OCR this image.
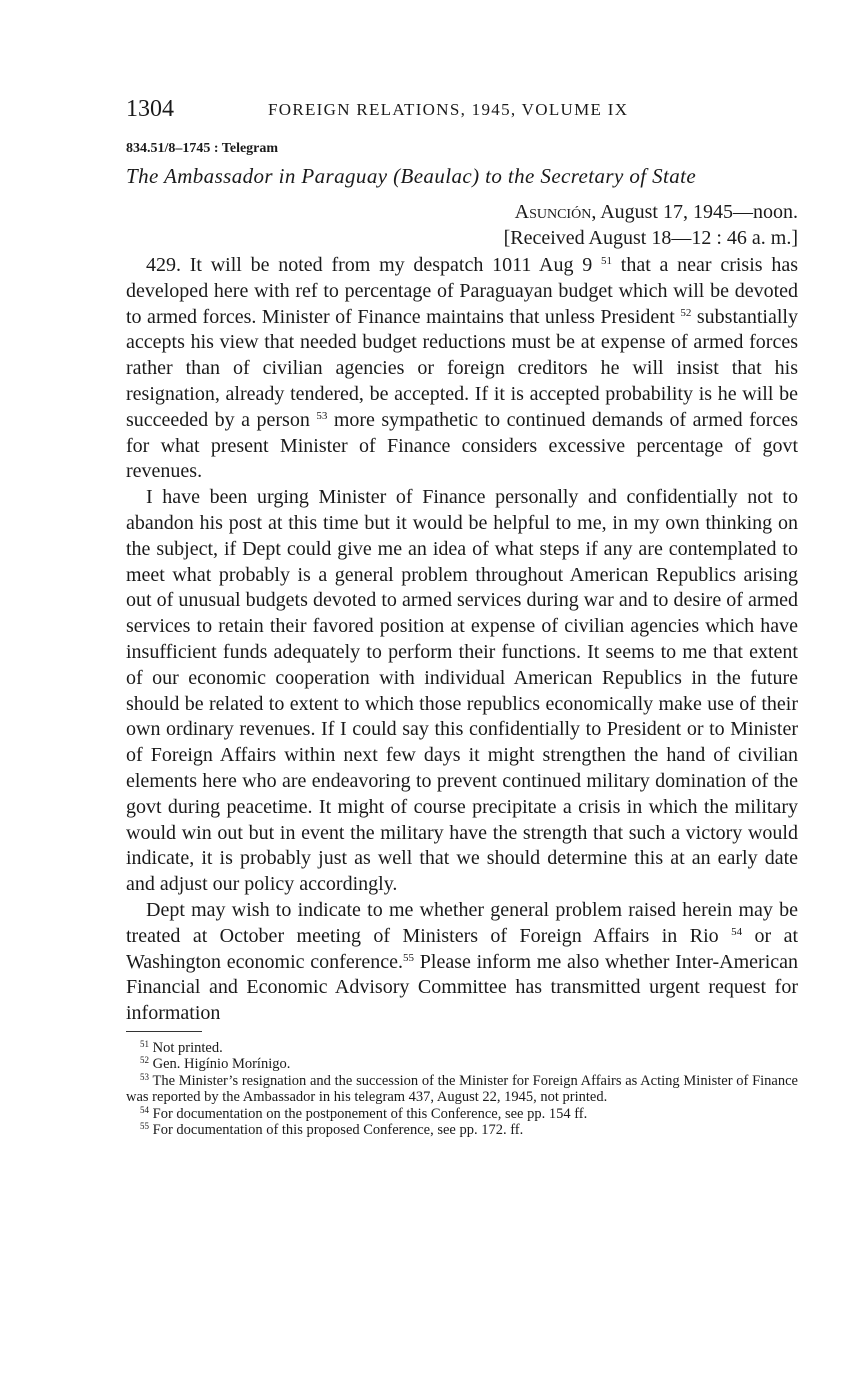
1304	FOREIGN RELATIONS, 1945, VOLUME IX
834.51/8–1745 : Telegram
The Ambassador in Paraguay (Beaulac) to the Secretary of State
Asunción, August 17, 1945—noon.
[Received August 18—12 : 46 a. m.]

429. It will be noted from my despatch 1011 Aug 9 $^{51}$ that a near crisis has developed here with ref to percentage of Paraguayan budget which will be devoted to armed forces. Minister of Finance maintains that unless President $^{52}$ substantially accepts his view that needed budget reductions must be at expense of armed forces rather than of civilian agencies or foreign creditors he will insist that his resignation, already tendered, be accepted. If it is accepted probability is he will be succeeded by a person $^{53}$ more sympathetic to continued demands of armed forces for what present Minister of Finance considers excessive percentage of govt revenues.

I have been urging Minister of Finance personally and confidentially not to abandon his post at this time but it would be helpful to me, in my own thinking on the subject, if Dept could give me an idea of what steps if any are contemplated to meet what probably is a general problem throughout American Republics arising out of unusual budgets devoted to armed services during war and to desire of armed services to retain their favored position at expense of civilian agencies which have insufficient funds adequately to perform their functions. It seems to me that extent of our economic cooperation with individual American Republics in the future should be related to extent to which those republics economically make use of their own ordinary revenues. If I could say this confidentially to President or to Minister of Foreign Affairs within next few days it might strengthen the hand of civilian elements here who are endeavoring to prevent continued military domination of the govt during peacetime. It might of course precipitate a crisis in which the military would win out but in event the military have the strength that such a victory would indicate, it is probably just as well that we should determine this at an early date and adjust our policy accordingly.

Dept may wish to indicate to me whether general problem raised herein may be treated at October meeting of Ministers of Foreign Affairs in Rio $^{54}$ or at Washington economic conference.$^{55}$ Please inform me also whether Inter-American Financial and Economic Advisory Committee has transmitted urgent request for information

$^{51}$ Not printed.
$^{52}$ Gen. Higínio Morínigo.
$^{53}$ The Minister’s resignation and the succession of the Minister for Foreign Affairs as Acting Minister of Finance was reported by the Ambassador in his telegram 437, August 22, 1945, not printed.
$^{54}$ For documentation on the postponement of this Conference, see pp. 154 ff.
$^{55}$ For documentation of this proposed Conference, see pp. 172. ff.
